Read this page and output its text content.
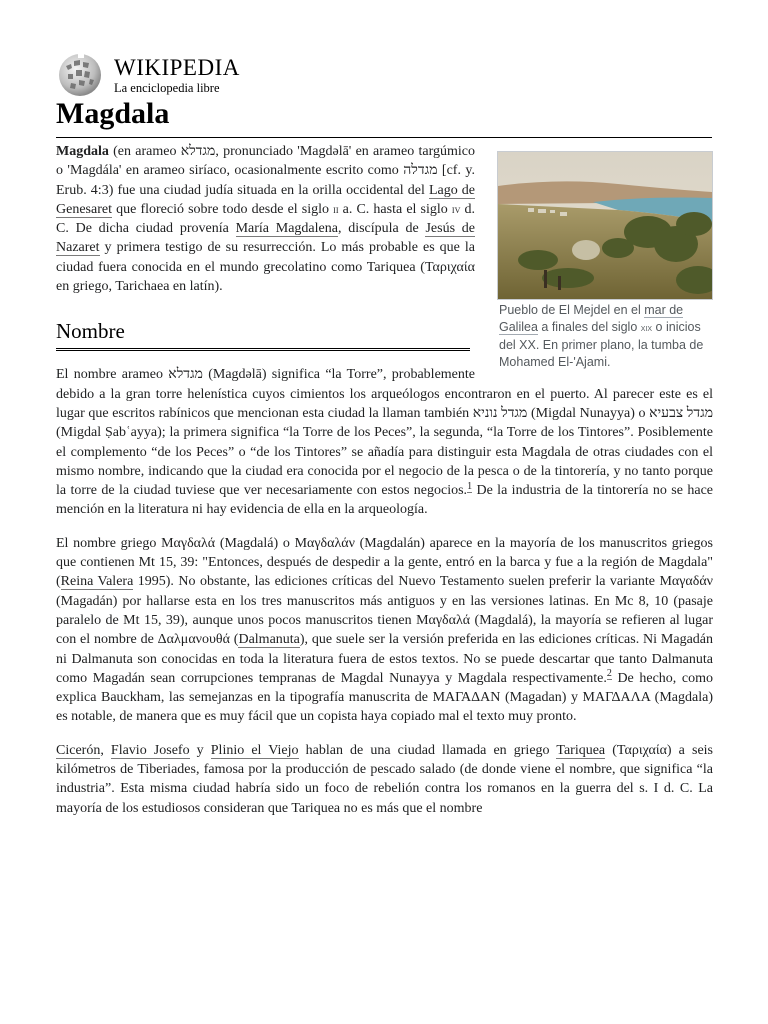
WIKIPEDIA
La enciclopedia libre
Magdala
Pueblo de El Mejdel en el mar de Galilea a finales del siglo xix o inicios del XX. En primer plano, la tumba de Mohamed El-'Ajami.

Magdala (en arameo מגדלא, pronunciado 'Magdəlā' en arameo targúmico o 'Magdála' en arameo siríaco, ocasionalmente escrito como מגדלה [cf. y. Erub. 4:3) fue una ciudad judía situada en la orilla occidental del Lago de Genesaret que floreció sobre todo desde el siglo ii a. C. hasta el siglo iv d. C. De dicha ciudad provenía María Magdalena, discípula de Jesús de Nazaret y primera testigo de su resurrección. Lo más probable es que la ciudad fuera conocida en el mundo grecolatino como Tariquea (Ταριχαία en griego, Tarichaea en latín).

Nombre

El nombre arameo מגדלא (Magdəlā) significa “la Torre”, probablemente debido a la gran torre helenística cuyos cimientos los arqueólogos encontraron en el puerto. Al parecer este es el lugar que escritos rabínicos que mencionan esta ciudad la llaman también מגדל נוניא (Migdal Nunayya) o מגדל צבעיא (Migdal Ṣabʿayya); la primera significa “la Torre de los Peces”, la segunda, “la Torre de los Tintores”. Posiblemente el complemento “de los Peces” o “de los Tintores” se añadía para distinguir esta Magdala de otras ciudades con el mismo nombre, indicando que la ciudad era conocida por el negocio de la pesca o de la tintorería, y no tanto porque la torre de la ciudad tuviese que ver necesariamente con estos negocios.$^1$ De la industria de la tintorería no se hace mención en la literatura ni hay evidencia de ella en la arqueología.

El nombre griego Μαγδαλά (Magdalá) o Μαγδαλάν (Magdalán) aparece en la mayoría de los manuscritos griegos que contienen Mt 15, 39: "Entonces, después de despedir a la gente, entró en la barca y fue a la región de Magdala" (Reina Valera 1995). No obstante, las ediciones críticas del Nuevo Testamento suelen preferir la variante Μαγαδάν (Magadán) por hallarse esta en los tres manuscritos más antiguos y en las versiones latinas. En Mc 8, 10 (pasaje paralelo de Mt 15, 39), aunque unos pocos manuscritos tienen Μαγδαλά (Magdalá), la mayoría se refieren al lugar con el nombre de Δαλμανουθά (Dalmanuta), que suele ser la versión preferida en las ediciones críticas. Ni Magadán ni Dalmanuta son conocidas en toda la literatura fuera de estos textos. No se puede descartar que tanto Dalmanuta como Magadán sean corrupciones tempranas de Magdal Nunayya y Magdala respectivamente.$^2$ De hecho, como explica Bauckham, las semejanzas en la tipografía manuscrita de ΜΑΓΑΔΑΝ (Magadan) y ΜΑΓΔΑΛΑ (Magdala) es notable, de manera que es muy fácil que un copista haya copiado mal el texto muy pronto.

Cicerón, Flavio Josefo y Plinio el Viejo hablan de una ciudad llamada en griego Tariquea (Ταριχαία) a seis kilómetros de Tiberiades, famosa por la producción de pescado salado (de donde viene el nombre, que significa “la industria”. Esta misma ciudad habría sido un foco de rebelión contra los romanos en la guerra del s. I d. C. La mayoría de los estudiosos consideran que Tariquea no es más que el nombre
